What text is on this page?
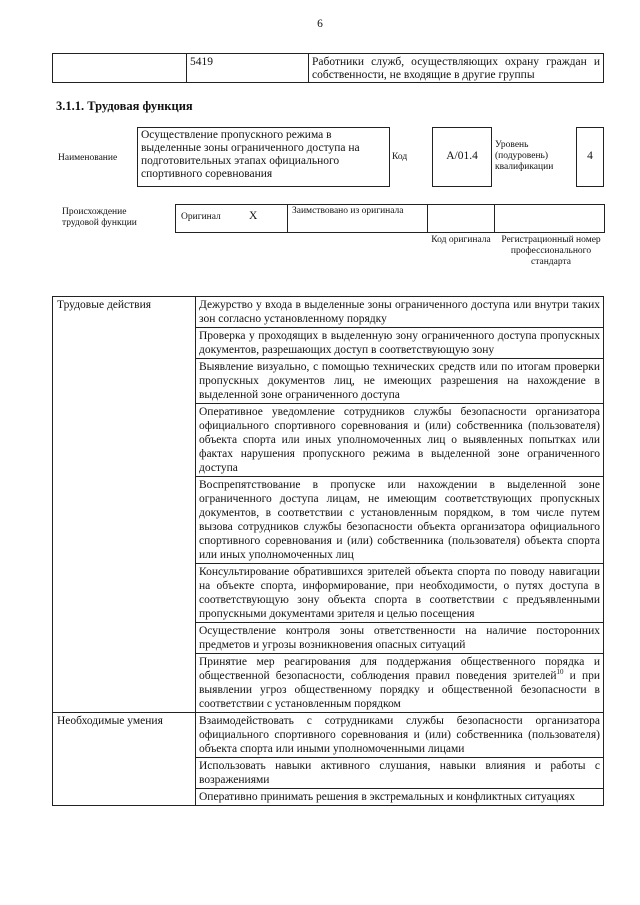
6
5419	Работники служб, осуществляющих охрану граждан и собственности, не входящие в другие группы
3.1.1. Трудовая функция
Наименование
Осуществление пропускного режима в выделенные зоны ограниченного доступа на подготовительных этапах официального спортивного соревнования
Код	A/01.4
Уровень (подуровень) квалификации
4
Происхождение трудовой функции
Оригинал X	Заимствовано из оригинала
Код оригинала	Регистрационный номер профессионального стандарта
Трудовые действия	Дежурство у входа в выделенные зоны ограниченного доступа или внутри таких зон согласно установленному порядку
	Проверка у проходящих в выделенную зону ограниченного доступа пропускных документов, разрешающих доступ в соответствующую зону
	Выявление визуально, с помощью технических средств или по итогам проверки пропускных документов лиц, не имеющих разрешения на нахождение в выделенной зоне ограниченного доступа
	Оперативное уведомление сотрудников службы безопасности организатора официального спортивного соревнования и (или) собственника (пользователя) объекта спорта или иных уполномоченных лиц о выявленных попытках или фактах нарушения пропускного режима в выделенной зоне ограниченного доступа
	Воспрепятствование в пропуске или нахождении в выделенной зоне ограниченного доступа лицам, не имеющим соответствующих пропускных документов, в соответствии с установленным порядком, в том числе путем вызова сотрудников службы безопасности объекта организатора официального спортивного соревнования и (или) собственника (пользователя) объекта спорта или иных уполномоченных лиц
	Консультирование обратившихся зрителей объекта спорта по поводу навигации на объекте спорта, информирование, при необходимости, о путях доступа в соответствующую зону объекта спорта в соответствии с предъявленными пропускными документами зрителя и целью посещения
	Осуществление контроля зоны ответственности на наличие посторонних предметов и угрозы возникновения опасных ситуаций
	Принятие мер реагирования для поддержания общественного порядка и общественной безопасности, соблюдения правил поведения зрителей$^{10}$ и при выявлении угроз общественному порядку и общественной безопасности в соответствии с установленным порядком
Необходимые умения	Взаимодействовать с сотрудниками службы безопасности организатора официального спортивного соревнования и (или) собственника (пользователя) объекта спорта или иными уполномоченными лицами
	Использовать навыки активного слушания, навыки влияния и работы с возражениями
	Оперативно принимать решения в экстремальных и конфликтных ситуациях
